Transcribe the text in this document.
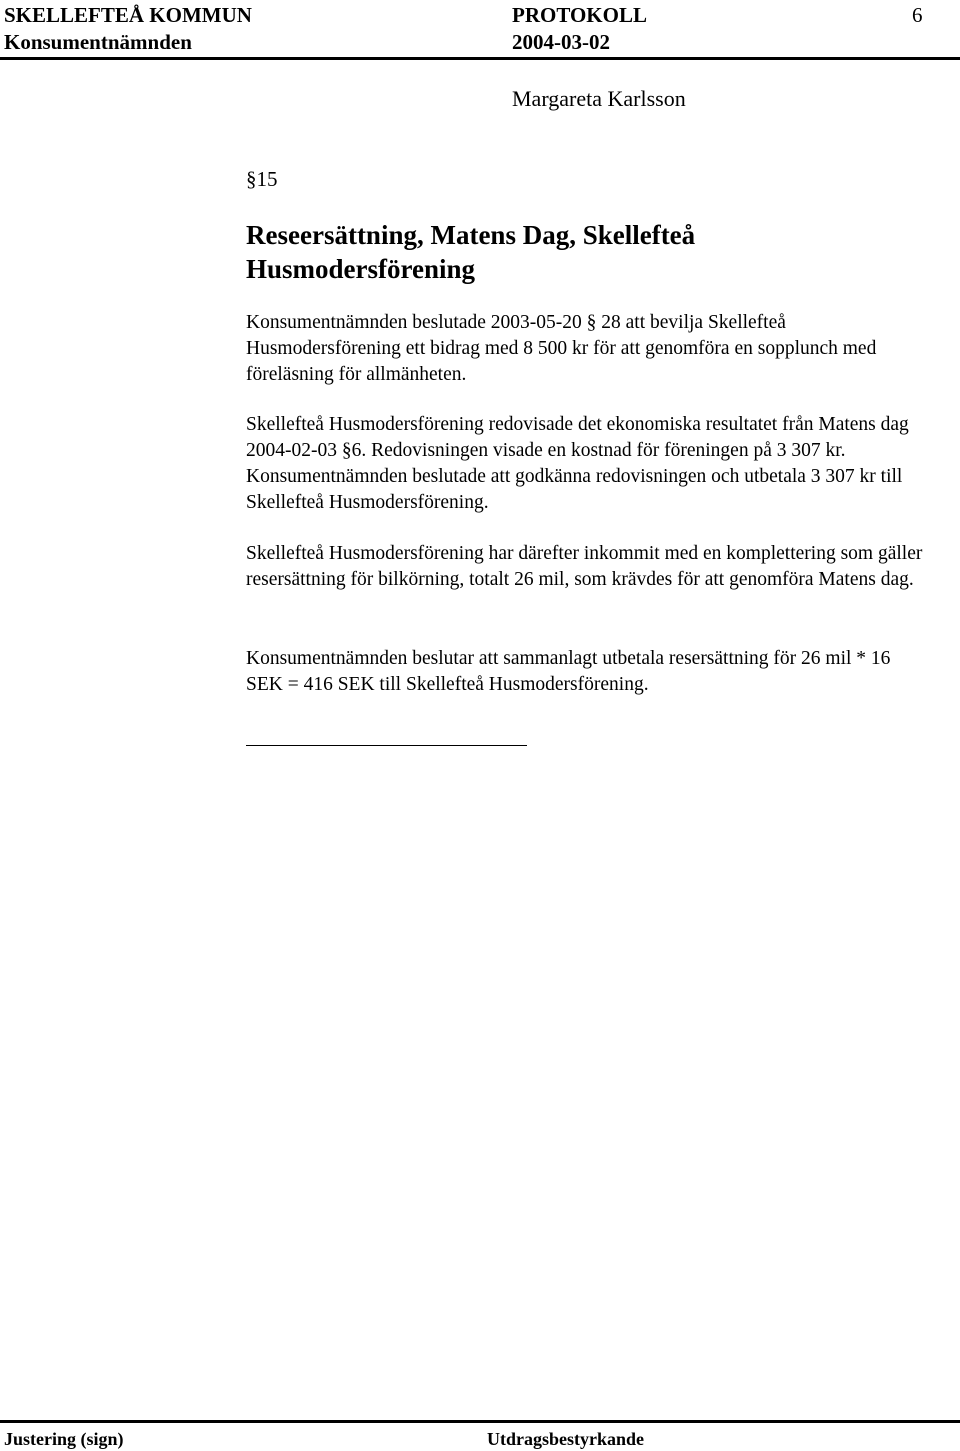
SKELLEFTEÅ KOMMUN	PROTOKOLL	6
Konsumentnämnden	2004-03-02
Margareta Karlsson
§15
Reseersättning, Matens Dag, Skellefteå Husmodersförening

Konsumentnämnden beslutade 2003-05-20 § 28 att bevilja Skellefteå Husmodersförening ett bidrag med 8 500 kr för att genomföra en sopplunch med föreläsning för allmänheten.

Skellefteå Husmodersförening redovisade det ekonomiska resultatet från Matens dag 2004-02-03 §6. Redovisningen visade en kostnad för föreningen på 3 307 kr. Konsumentnämnden beslutade att godkänna redovisningen och utbetala 3 307 kr till Skellefteå Husmodersförening.

Skellefteå Husmodersförening har därefter inkommit med en komplettering som gäller resersättning för bilkörning, totalt 26 mil, som krävdes för att genomföra Matens dag.

Konsumentnämnden beslutar att sammanlagt utbetala resersättning för 26 mil * 16 SEK = 416 SEK till Skellefteå Husmodersförening.

Justering (sign)	Utdragsbestyrkande
